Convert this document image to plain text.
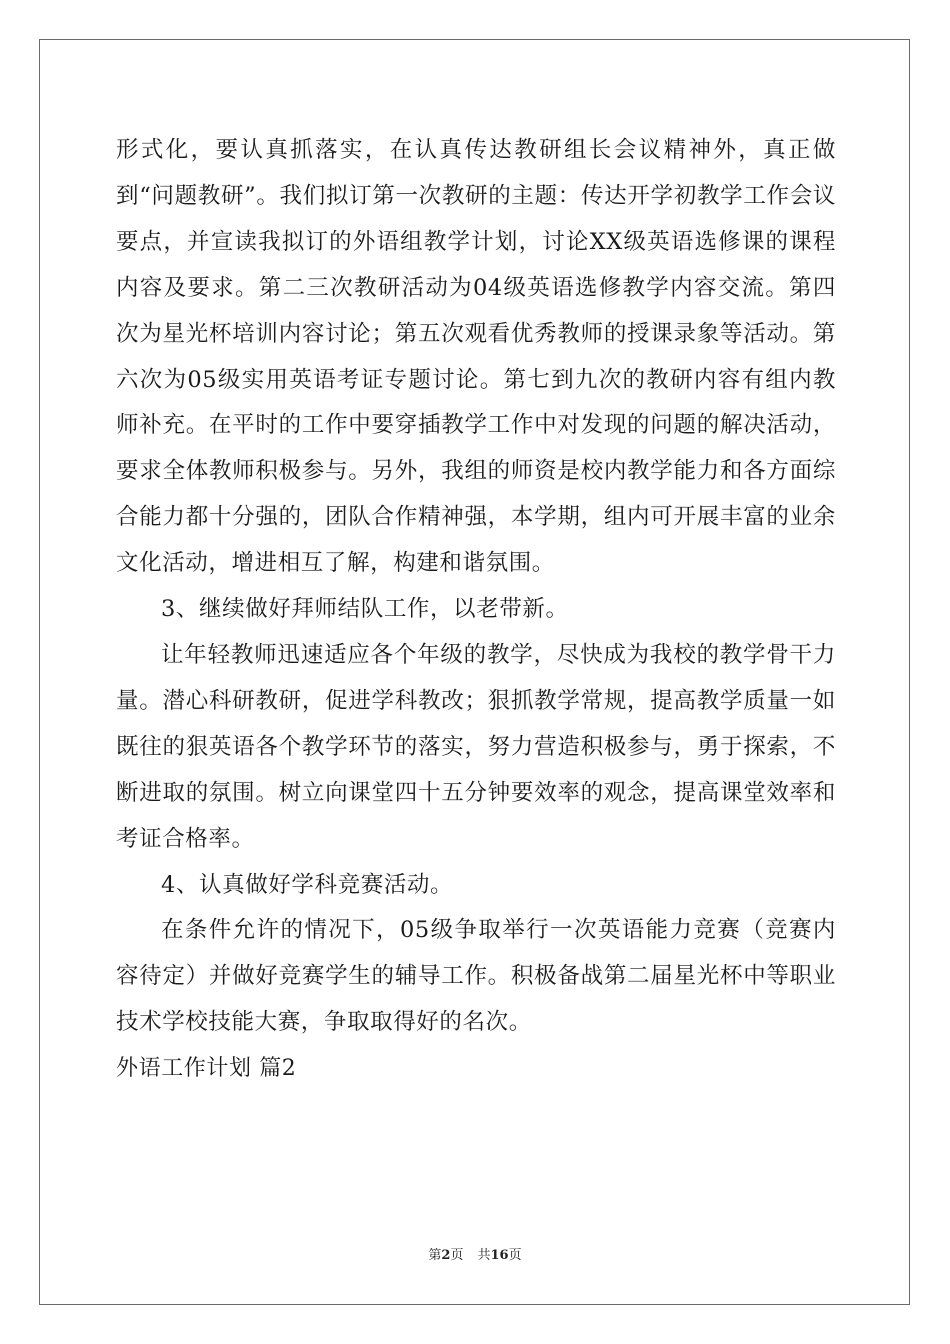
形式化，要认真抓落实，在认真传达教研组长会议精神外，真正做到“问题教研”。我们拟订第一次教研的主题：传达开学初教学工作会议要点，并宣读我拟订的外语组教学计划，讨论XX级英语选修课的课程内容及要求。第二三次教研活动为04级英语选修教学内容交流。第四次为星光杯培训内容讨论；第五次观看优秀教师的授课录象等活动。第六次为05级实用英语考证专题讨论。第七到九次的教研内容有组内教师补充。在平时的工作中要穿插教学工作中对发现的问题的解决活动，要求全体教师积极参与。另外，我组的师资是校内教学能力和各方面综合能力都十分强的，团队合作精神强，本学期，组内可开展丰富的业余文化活动，增进相互了解，构建和谐氛围。

3、继续做好拜师结队工作，以老带新。

让年轻教师迅速适应各个年级的教学，尽快成为我校的教学骨干力量。潜心科研教研，促进学科教改；狠抓教学常规，提高教学质量一如既往的狠英语各个教学环节的落实，努力营造积极参与，勇于探索，不断进取的氛围。树立向课堂四十五分钟要效率的观念，提高课堂效率和考证合格率。

4、认真做好学科竞赛活动。

在条件允许的情况下，05级争取举行一次英语能力竞赛（竞赛内容待定）并做好竞赛学生的辅导工作。积极备战第二届星光杯中等职业技术学校技能大赛，争取取得好的名次。

外语工作计划 篇2

第2页 共16页
